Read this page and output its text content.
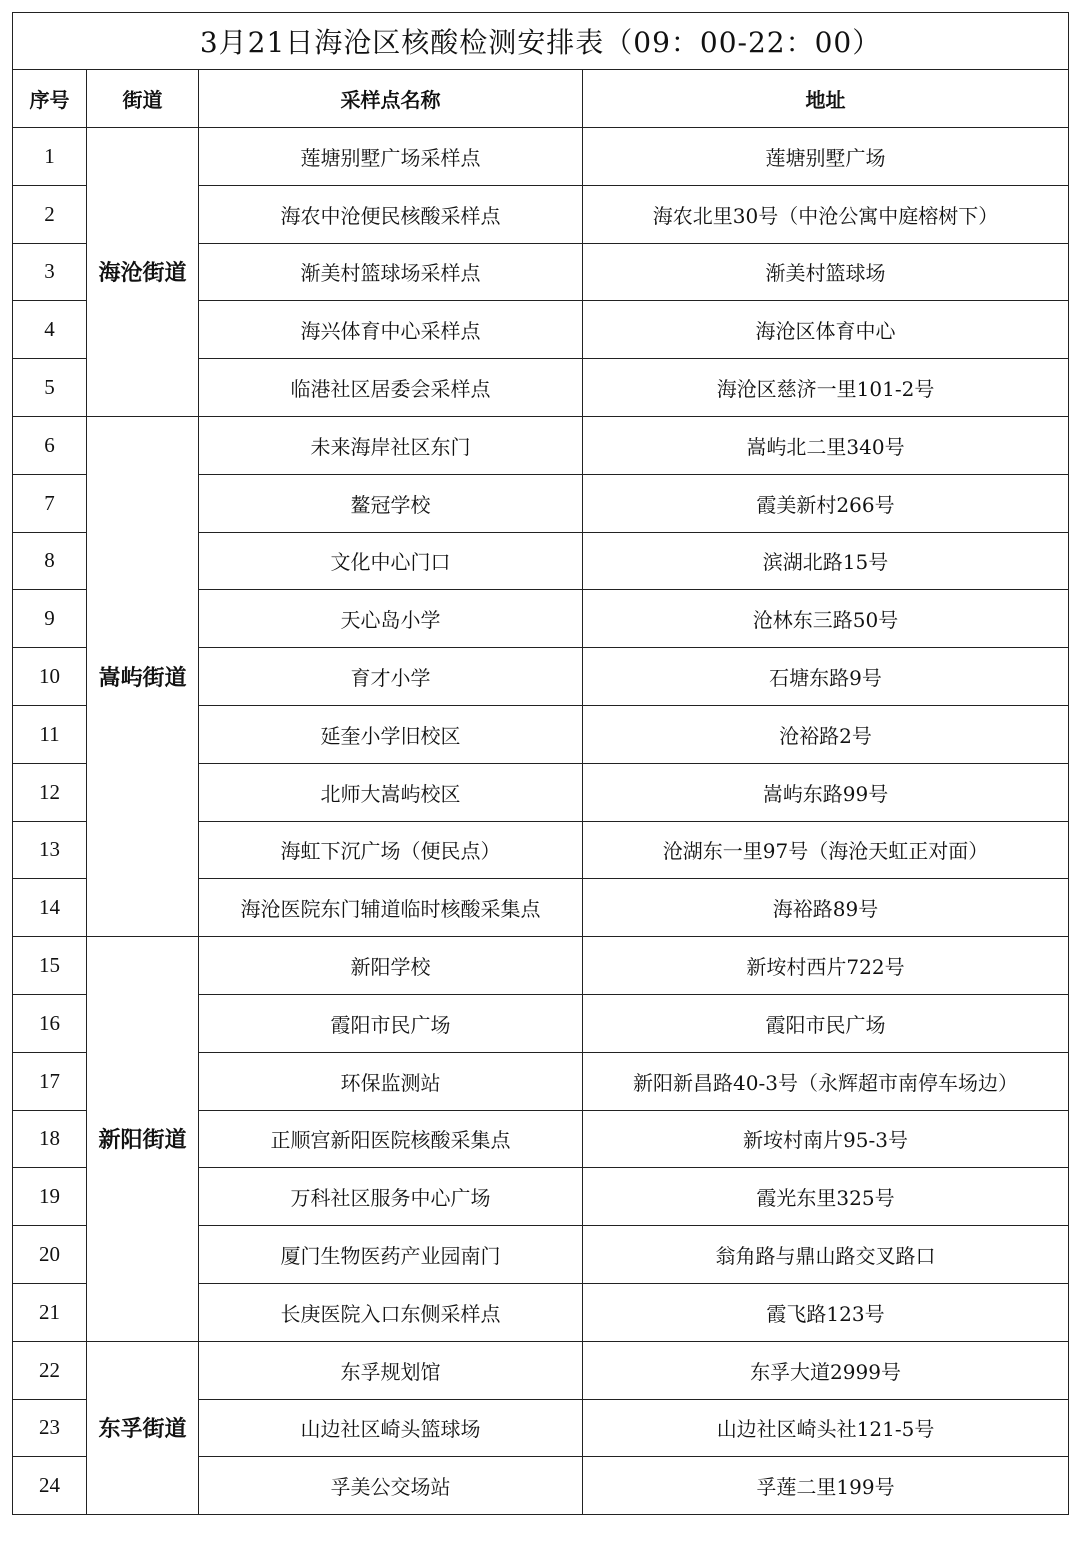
3月21日海沧区核酸检测安排表（09：00-22：00）			
序号	街道	采样点名称	地址
1	海沧街道	莲塘别墅广场采样点	莲塘别墅广场
2		海农中沧便民核酸采样点	海农北里30号（中沧公寓中庭榕树下）
3		渐美村篮球场采样点	渐美村篮球场
4		海兴体育中心采样点	海沧区体育中心
5		临港社区居委会采样点	海沧区慈济一里101-2号
6	嵩屿街道	未来海岸社区东门	嵩屿北二里340号
7		鳌冠学校	霞美新村266号
8		文化中心门口	滨湖北路15号
9		天心岛小学	沧林东三路50号
10		育才小学	石塘东路9号
11		延奎小学旧校区	沧裕路2号
12		北师大嵩屿校区	嵩屿东路99号
13		海虹下沉广场（便民点）	沧湖东一里97号（海沧天虹正对面）
14		海沧医院东门辅道临时核酸采集点	海裕路89号
15	新阳街道	新阳学校	新垵村西片722号
16		霞阳市民广场	霞阳市民广场
17		环保监测站	新阳新昌路40-3号（永辉超市南停车场边）
18		正顺宫新阳医院核酸采集点	新垵村南片95-3号
19		万科社区服务中心广场	霞光东里325号
20		厦门生物医药产业园南门	翁角路与鼎山路交叉路口
21		长庚医院入口东侧采样点	霞飞路123号
22	东孚街道	东孚规划馆	东孚大道2999号
23		山边社区崎头篮球场	山边社区崎头社121-5号
24		孚美公交场站	孚莲二里199号
